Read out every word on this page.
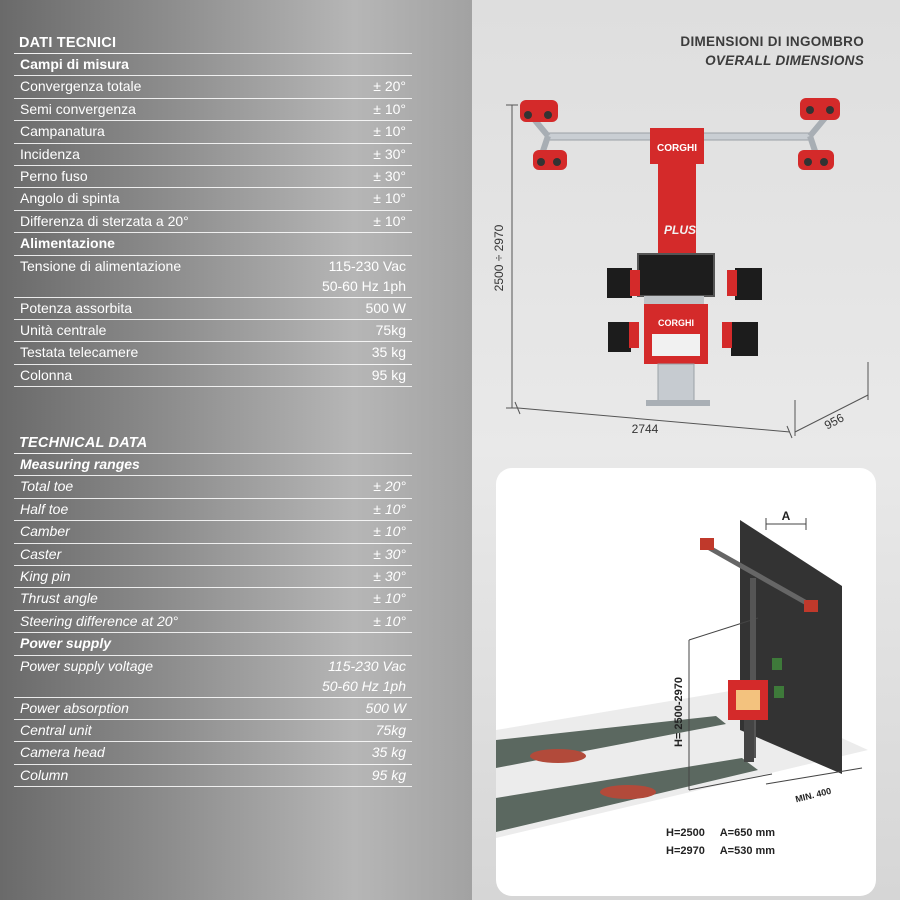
DATI TECNICI
Campi di misura
Convergenza totale	± 20°
Semi convergenza	± 10°
Campanatura	± 10°
Incidenza	± 30°
Perno fuso	± 30°
Angolo di spinta	± 10°
Differenza di sterzata a 20°	± 10°
Alimentazione
Tensione di alimentazione	115-230 Vac
50-60 Hz 1ph
Potenza assorbita	500 W
Unità centrale	75kg
Testata telecamere	35 kg
Colonna	95 kg
TECHNICAL DATA
Measuring ranges
Total toe	± 20°
Half toe	± 10°
Camber	± 10°
Caster	± 30°
King pin	± 30°
Thrust angle	± 10°
Steering difference at 20°	± 10°
Power supply
Power supply voltage	115-230 Vac
50-60 Hz 1ph
Power absorption	500 W
Central unit	75kg
Camera head	35 kg
Column	95 kg
DIMENSIONI DI INGOMBRO
OVERALL DIMENSIONS
2500 ÷ 2970
2744	956
CORGHI
PLUS
CORGHI
A
H= 2500-2970
MIN. 400
H=2500     A=650 mm
H=2970     A=530 mm
